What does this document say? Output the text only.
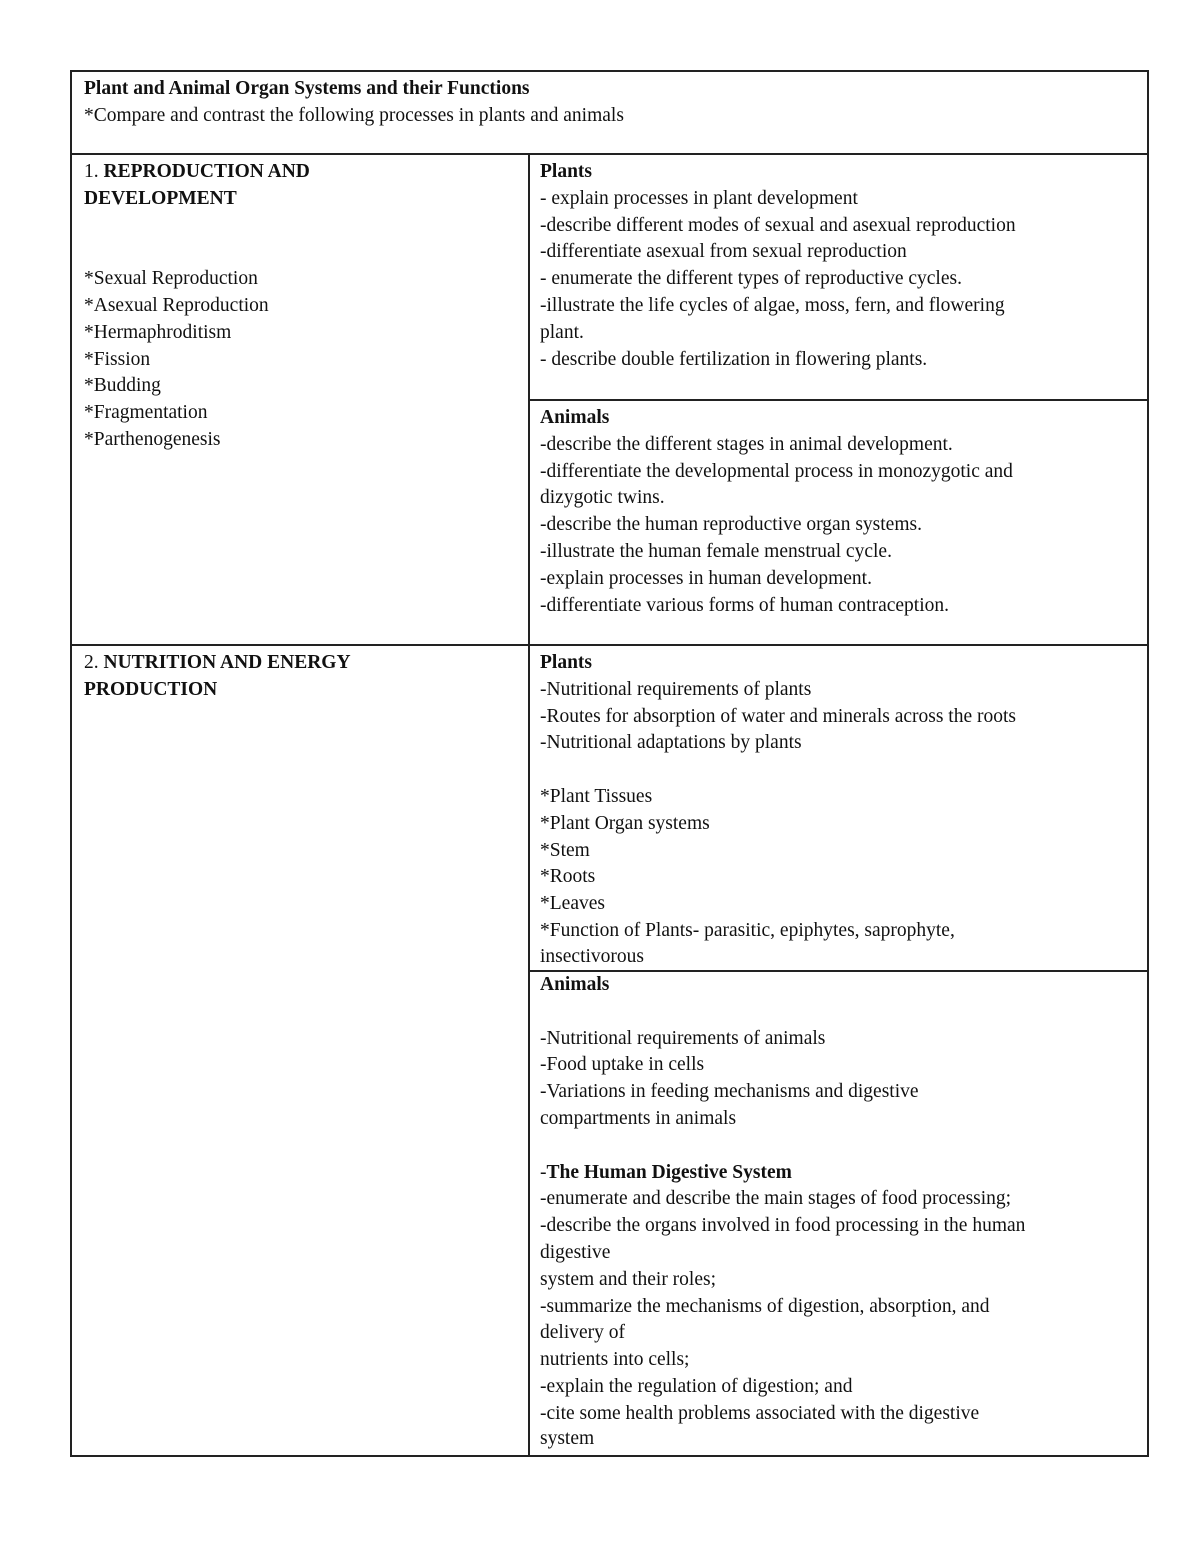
Plant and Animal Organ Systems and their Functions
*Compare and contrast the following processes in plants and animals
1. REPRODUCTION AND
DEVELOPMENT
*Sexual Reproduction
*Asexual Reproduction
*Hermaphroditism
*Fission
*Budding
*Fragmentation
*Parthenogenesis
Plants
- explain processes in plant development
-describe different modes of sexual and asexual reproduction
-differentiate asexual from sexual reproduction
- enumerate the different types of reproductive cycles.
-illustrate the life cycles of algae, moss, fern, and flowering
plant.
- describe double fertilization in flowering plants.
Animals
-describe the different stages in animal development.
-differentiate the developmental process in monozygotic and
dizygotic twins.
-describe the human reproductive organ systems.
-illustrate the human female menstrual cycle.
-explain processes in human development.
-differentiate various forms of human contraception.
2. NUTRITION AND ENERGY
PRODUCTION
Plants
-Nutritional requirements of plants
-Routes for absorption of water and minerals across the roots
-Nutritional adaptations by plants
*Plant Tissues
*Plant Organ systems
*Stem
*Roots
*Leaves
*Function of Plants- parasitic, epiphytes, saprophyte,
insectivorous
Animals
-Nutritional requirements of animals
-Food uptake in cells
-Variations in feeding mechanisms and digestive
compartments in animals
-The Human Digestive System
-enumerate and describe the main stages of food processing;
-describe the organs involved in food processing in the human
digestive
system and their roles;
-summarize the mechanisms of digestion, absorption, and
delivery of
nutrients into cells;
-explain the regulation of digestion; and
-cite some health problems associated with the digestive
system
